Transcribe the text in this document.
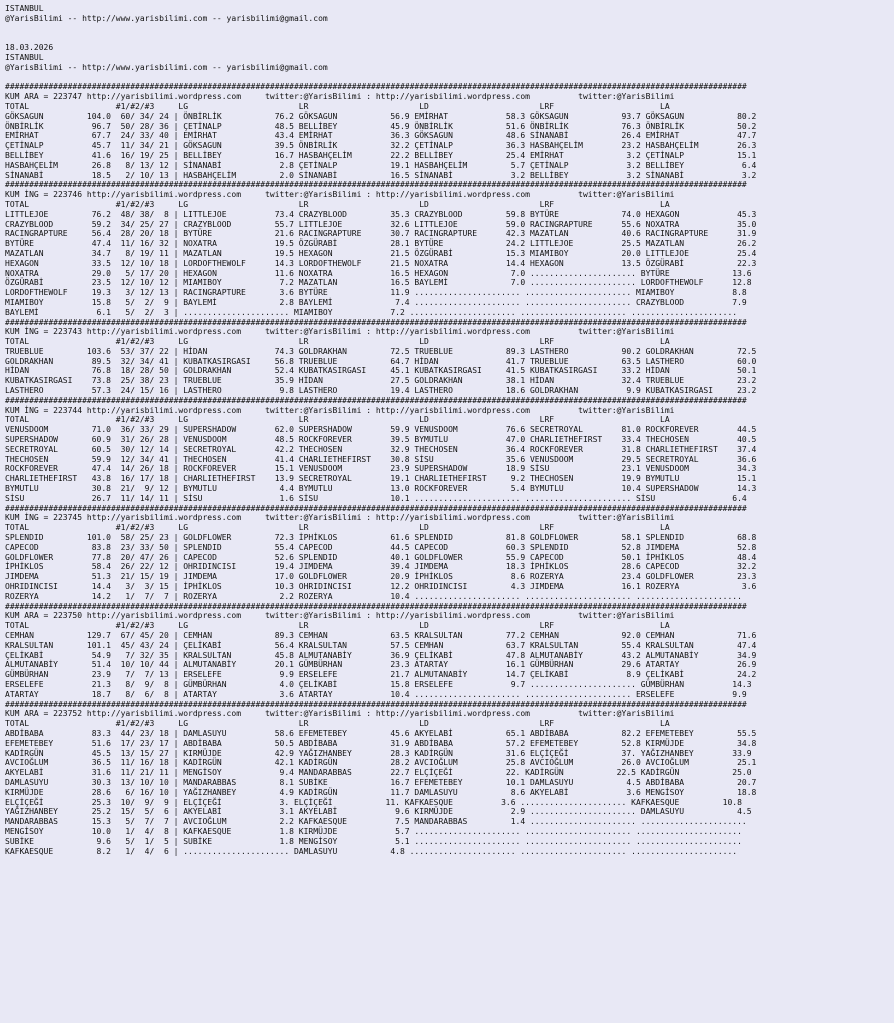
ISTANBUL
@YarisBilimi -- http://www.yarisbilimi.com -- yarisbilimi@gmail.com
18.03.2026
ISTANBUL
@YarisBilimi -- http://www.yarisbilimi.com -- yarisbilimi@gmail.com
##########################################################################################################################################################
KUM ARA = 223747 http://yarisbilimi.wordpress.com     twitter:@YarisBilimi : http://yarisbilimi.wordpress.com          twitter:@YarisBilimi
TOTAL                  #1/#2/#3     LG                       LR                       LD                       LRF                      LA
GÖKSAGUN         104.0  60/ 34/ 24 | ÖNBİRLİK           76.2 GÖKSAGUN           56.9 EMİRHAT            58.3 GÖKSAGUN           93.7 GÖKSAGUN           80.2
ÖNBİRLİK          96.7  50/ 28/ 36 | ÇETİNALP           48.5 BELLİBEY           45.9 ÖNBİRLİK           51.6 ÖNBİRLİK           76.3 ÖNBİRLİK           50.2
EMİRHAT           67.7  24/ 33/ 40 | EMİRHAT            43.4 EMİRHAT            36.3 GÖKSAGUN           48.6 SİNANABİ           26.4 EMİRHAT            47.7
ÇETİNALP          45.7  11/ 34/ 21 | GÖKSAGUN           39.5 ÖNBİRLİK           32.2 ÇETİNALP           36.3 HASBAHÇELİM        23.2 HASBAHÇELİM        26.3
BELLİBEY          41.6  16/ 19/ 25 | BELLİBEY           16.7 HASBAHÇELİM        22.2 BELLİBEY           25.4 EMİRHAT             3.2 ÇETİNALP           15.1
HASBAHÇELİM       26.8   8/ 13/ 12 | SİNANABİ            2.8 ÇETİNALP           19.1 HASBAHÇELİM         5.7 ÇETİNALP            3.2 BELLİBEY            6.4
SİNANABİ          18.5   2/ 10/ 13 | HASBAHÇELİM         2.0 SİNANABİ           16.5 SİNANABİ            3.2 BELLİBEY            3.2 SİNANABİ            3.2
##########################################################################################################################################################
KUM İNG = 223746 http://yarisbilimi.wordpress.com     twitter:@YarisBilimi : http://yarisbilimi.wordpress.com          twitter:@YarisBilimi
TOTAL                  #1/#2/#3     LG                       LR                       LD                       LRF                      LA
LITTLEJOE         76.2  48/ 38/  8 | LITTLEJOE          73.4 CRAZYBLOOD         35.3 CRAZYBLOOD         59.8 BYTÜRE             74.0 HEXAGON            45.3
CRAZYBLOOD        59.2  34/ 25/ 27 | CRAZYBLOOD         55.7 LITTLEJOE          32.6 LITTLEJOE          59.0 RACINGRAPTURE      55.6 NOXATRA            35.0
RACINGRAPTURE     56.4  28/ 20/ 18 | BYTÜRE             21.6 RACINGRAPTURE      30.7 RACINGRAPTURE      42.3 MAZATLAN           40.6 RACINGRAPTURE      31.9
BYTÜRE            47.4  11/ 16/ 32 | NOXATRA            19.5 ÖZGÜRABİ           28.1 BYTÜRE             24.2 LITTLEJOE          25.5 MAZATLAN           26.2
MAZATLAN          34.7   8/ 19/ 11 | MAZATLAN           19.5 HEXAGON            21.5 ÖZGÜRABİ           15.3 MIAMIBOY           20.0 LITTLEJOE          25.4
HEXAGON           33.5  12/ 10/ 18 | LORDOFTHEWOLF      14.3 LORDOFTHEWOLF      21.5 NOXATRA            14.4 HEXAGON            13.5 ÖZGÜRABİ           22.3
NOXATRA           29.0   5/ 17/ 20 | HEXAGON            11.6 NOXATRA            16.5 HEXAGON             7.0 ...................... BYTÜRE             13.6
ÖZGÜRABİ          23.5  12/ 10/ 12 | MIAMIBOY            7.2 MAZATLAN           16.5 BAYLEMİ             7.0 ...................... LORDOFTHEWOLF      12.8
LORDOFTHEWOLF     19.3   3/ 12/ 13 | RACINGRAPTURE       3.6 BYTÜRE             11.9 ...................... ...................... MIAMIBOY            8.8
MIAMIBOY          15.8   5/  2/  9 | BAYLEMİ             2.8 BAYLEMİ             7.4 ...................... ...................... CRAZYBLOOD          7.9
BAYLEMİ            6.1   5/  2/  3 | ...................... MIAMIBOY            7.2 ...................... ...................... ......................
##########################################################################################################################################################
KUM İNG = 223743 http://yarisbilimi.wordpress.com     twitter:@YarisBilimi : http://yarisbilimi.wordpress.com          twitter:@YarisBilimi
TOTAL                  #1/#2/#3     LG                       LR                       LD                       LRF                      LA
TRUEBLUE         103.6  53/ 37/ 22 | HİDAN              74.3 GOLDRAKHAN         72.5 TRUEBLUE           89.3 LASTHERO           90.2 GOLDRAKHAN         72.5
GOLDRAKHAN        89.5  32/ 34/ 41 | KUBATKASIRGASI     56.8 TRUEBLUE           64.7 HİDAN              41.7 TRUEBLUE           63.5 LASTHERO           60.0
HİDAN             76.8  18/ 28/ 50 | GOLDRAKHAN         52.4 KUBATKASIRGASI     45.1 KUBATKASIRGASI     41.5 KUBATKASIRGASI     33.2 HİDAN              50.1
KUBATKASIRGASI    73.8  25/ 38/ 23 | TRUEBLUE           35.9 HİDAN              27.5 GOLDRAKHAN         38.1 HİDAN              32.4 TRUEBLUE           23.2
LASTHERO          57.3  24/ 15/ 16 | LASTHERO            9.8 LASTHERO           19.4 LASTHERO           18.6 GOLDRAKHAN          9.9 KUBATKASIRGASI     23.2
##########################################################################################################################################################
KUM İNG = 223744 http://yarisbilimi.wordpress.com     twitter:@YarisBilimi : http://yarisbilimi.wordpress.com          twitter:@YarisBilimi
TOTAL                  #1/#2/#3     LG                       LR                       LD                       LRF                      LA
VENUSDOOM         71.0  36/ 33/ 29 | SUPERSHADOW        62.0 SUPERSHADOW        59.9 VENUSDOOM          76.6 SECRETROYAL        81.0 ROCKFOREVER        44.5
SUPERSHADOW       60.9  31/ 26/ 28 | VENUSDOOM          48.5 ROCKFOREVER        39.5 BYMUTLU            47.0 CHARLIETHEFIRST    33.4 THECHOSEN          40.5
SECRETROYAL       60.5  30/ 12/ 14 | SECRETROYAL        42.2 THECHOSEN          32.9 THECHOSEN          36.4 ROCKFOREVER        31.8 CHARLIETHEFIRST    37.4
THECHOSEN         59.9  12/ 34/ 41 | THECHOSEN          41.4 CHARLIETHEFIRST    30.8 SİSU               35.6 VENUSDOOM          29.5 SECRETROYAL        36.6
ROCKFOREVER       47.4  14/ 26/ 18 | ROCKFOREVER        15.1 VENUSDOOM          23.9 SUPERSHADOW        18.9 SİSU               23.1 VENUSDOOM          34.3
CHARLIETHEFIRST   43.8  16/ 17/ 18 | CHARLIETHEFIRST    13.9 SECRETROYAL        19.1 CHARLIETHEFIRST     9.2 THECHOSEN          19.9 BYMUTLU            15.1
BYMUTLU           30.8  21/  9/ 12 | BYMUTLU             4.4 BYMUTLU            13.0 ROCKFOREVER         5.4 BYMUTLU            10.4 SUPERSHADOW        14.3
SİSU              26.7  11/ 14/ 11 | SİSU                1.6 SİSU               10.1 ...................... ...................... SİSU                6.4
##########################################################################################################################################################
KUM İNG = 223745 http://yarisbilimi.wordpress.com     twitter:@YarisBilimi : http://yarisbilimi.wordpress.com          twitter:@YarisBilimi
TOTAL                  #1/#2/#3     LG                       LR                       LD                       LRF                      LA
SPLENDID         101.0  58/ 25/ 23 | GOLDFLOWER         72.3 İPHİKLOS           61.6 SPLENDID           81.8 GOLDFLOWER         58.1 SPLENDID           68.8
CAPECOD           83.8  23/ 33/ 50 | SPLENDID           55.4 CAPECOD            44.5 CAPECOD            60.3 SPLENDID           52.8 JIMDEMA            52.8
GOLDFLOWER        77.8  20/ 47/ 26 | CAPECOD            52.6 SPLENDID           40.1 GOLDFLOWER         55.9 CAPECOD            50.1 İPHİKLOS           48.4
İPHİKLOS          58.4  26/ 22/ 12 | OHRIDINCISI        19.4 JIMDEMA            39.4 JIMDEMA            18.3 İPHİKLOS           28.6 CAPECOD            32.2
JIMDEMA           51.3  21/ 15/ 19 | JIMDEMA            17.0 GOLDFLOWER         20.9 İPHİKLOS            8.6 ROZERYA            23.4 GOLDFLOWER         23.3
OHRIDINCISI       14.4   3/  3/ 15 | İPHİKLOS           10.3 OHRIDINCISI        12.2 OHRIDINCISI         4.3 JIMDEMA            16.1 ROZERYA             3.6
ROZERYA           14.2   1/  7/  7 | ROZERYA             2.2 ROZERYA            10.4 ...................... ...................... ......................
##########################################################################################################################################################
KUM ARA = 223750 http://yarisbilimi.wordpress.com     twitter:@YarisBilimi : http://yarisbilimi.wordpress.com          twitter:@YarisBilimi
TOTAL                  #1/#2/#3     LG                       LR                       LD                       LRF                      LA
CEMHAN           129.7  67/ 45/ 20 | CEMHAN             89.3 CEMHAN             63.5 KRALSULTAN         77.2 CEMHAN             92.0 CEMHAN             71.6
KRALSULTAN       101.1  45/ 43/ 24 | ÇELİKABİ           56.4 KRALSULTAN         57.5 CEMHAN             63.7 KRALSULTAN         55.4 KRALSULTAN         47.4
ÇELİKABİ          54.9   7/ 32/ 35 | KRALSULTAN         45.8 ALMUTANABİY        36.9 ÇELİKABİ           47.8 ALMUTANABİY        43.2 ALMUTANABİY        34.9
ALMUTANABİY       51.4  10/ 10/ 44 | ALMUTANABİY        20.1 GÜMBÜRHAN          23.3 ATARTAY            16.1 GÜMBÜRHAN          29.6 ATARTAY            26.9
GÜMBÜRHAN         23.9   7/  7/ 13 | ERSELEFE            9.9 ERSELEFE           21.7 ALMUTANABİY        14.7 ÇELİKABİ            8.9 ÇELİKABİ           24.2
ERSELEFE          21.3   8/  9/  8 | GÜMBÜRHAN           4.0 ÇELİKABİ           15.8 ERSELEFE            9.7 ...................... GÜMBÜRHAN          14.3
ATARTAY           18.7   8/  6/  8 | ATARTAY             3.6 ATARTAY            10.4 ...................... ...................... ERSELEFE            9.9
##########################################################################################################################################################
KUM ARA = 223752 http://yarisbilimi.wordpress.com     twitter:@YarisBilimi : http://yarisbilimi.wordpress.com          twitter:@YarisBilimi
TOTAL                  #1/#2/#3     LG                       LR                       LD                       LRF                      LA
ABDİBABA          83.3  44/ 23/ 18 | DAMLASUYU          58.6 EFEMETEBEY         45.6 AKYELABİ           65.1 ABDİBABA           82.2 EFEMETEBEY         55.5
EFEMETEBEY        51.6  17/ 23/ 17 | ABDİBABA           50.5 ABDİBABA           31.9 ABDİBABA           57.2 EFEMETEBEY         52.8 KIRMÜJDE           34.8
KADİRGÜN          45.5  13/ 15/ 27 | KIRMÜJDE           42.9 YAĞIZHANBEY        28.3 KADİRGÜN           31.6 ELÇİÇEĞİ           37. YAĞIZHANBEY        33.9
AVCIOĞLUM         36.5  11/ 16/ 18 | KADİRGÜN           42.1 KADİRGÜN           28.2 AVCIOĞLUM          25.8 AVCIOĞLUM          26.0 AVCIOĞLUM          25.1
AKYELABİ          31.6  11/ 21/ 11 | MENGİSOY            9.4 MANDARABBAS        22.7 ELÇİÇEĞİ           22. KADİRGÜN           22.5 KADİRGÜN           25.0
DAMLASUYU         30.3  13/ 10/ 10 | MANDARABBAS         8.1 SUBİKE             16.7 EFEMETEBEY         10.1 DAMLASUYU           4.5 ABDİBABA           20.7
KIRMÜJDE          28.6   6/ 16/ 10 | YAĞIZHANBEY         4.9 KADİRGÜN           11.7 DAMLASUYU           8.6 AKYELABİ            3.6 MENGİSOY           18.8
ELÇİÇEĞİ          25.3  10/  9/  9 | ELÇİÇEĞİ            3. ELÇİÇEĞİ           11. KAFKAESQUE          3.6 ...................... KAFKAESQUE         10.8
YAĞIZHANBEY       25.2  15/  5/  6 | AKYELABİ            3.1 AKYELABİ            9.6 KIRMÜJDE            2.9 ...................... DAMLASUYU           4.5
MANDARABBAS       15.3   5/  7/  7 | AVCIOĞLUM           2.2 KAFKAESQUE          7.5 MANDARABBAS         1.4 ...................... ......................
MENGİSOY          10.0   1/  4/  8 | KAFKAESQUE          1.8 KIRMÜJDE            5.7 ...................... ...................... ......................
SUBİKE             9.6   5/  1/  5 | SUBİKE              1.8 MENGİSOY            5.1 ...................... ...................... ......................
KAFKAESQUE         8.2   1/  4/  6 | ...................... DAMLASUYU           4.8 ...................... ...................... ......................
